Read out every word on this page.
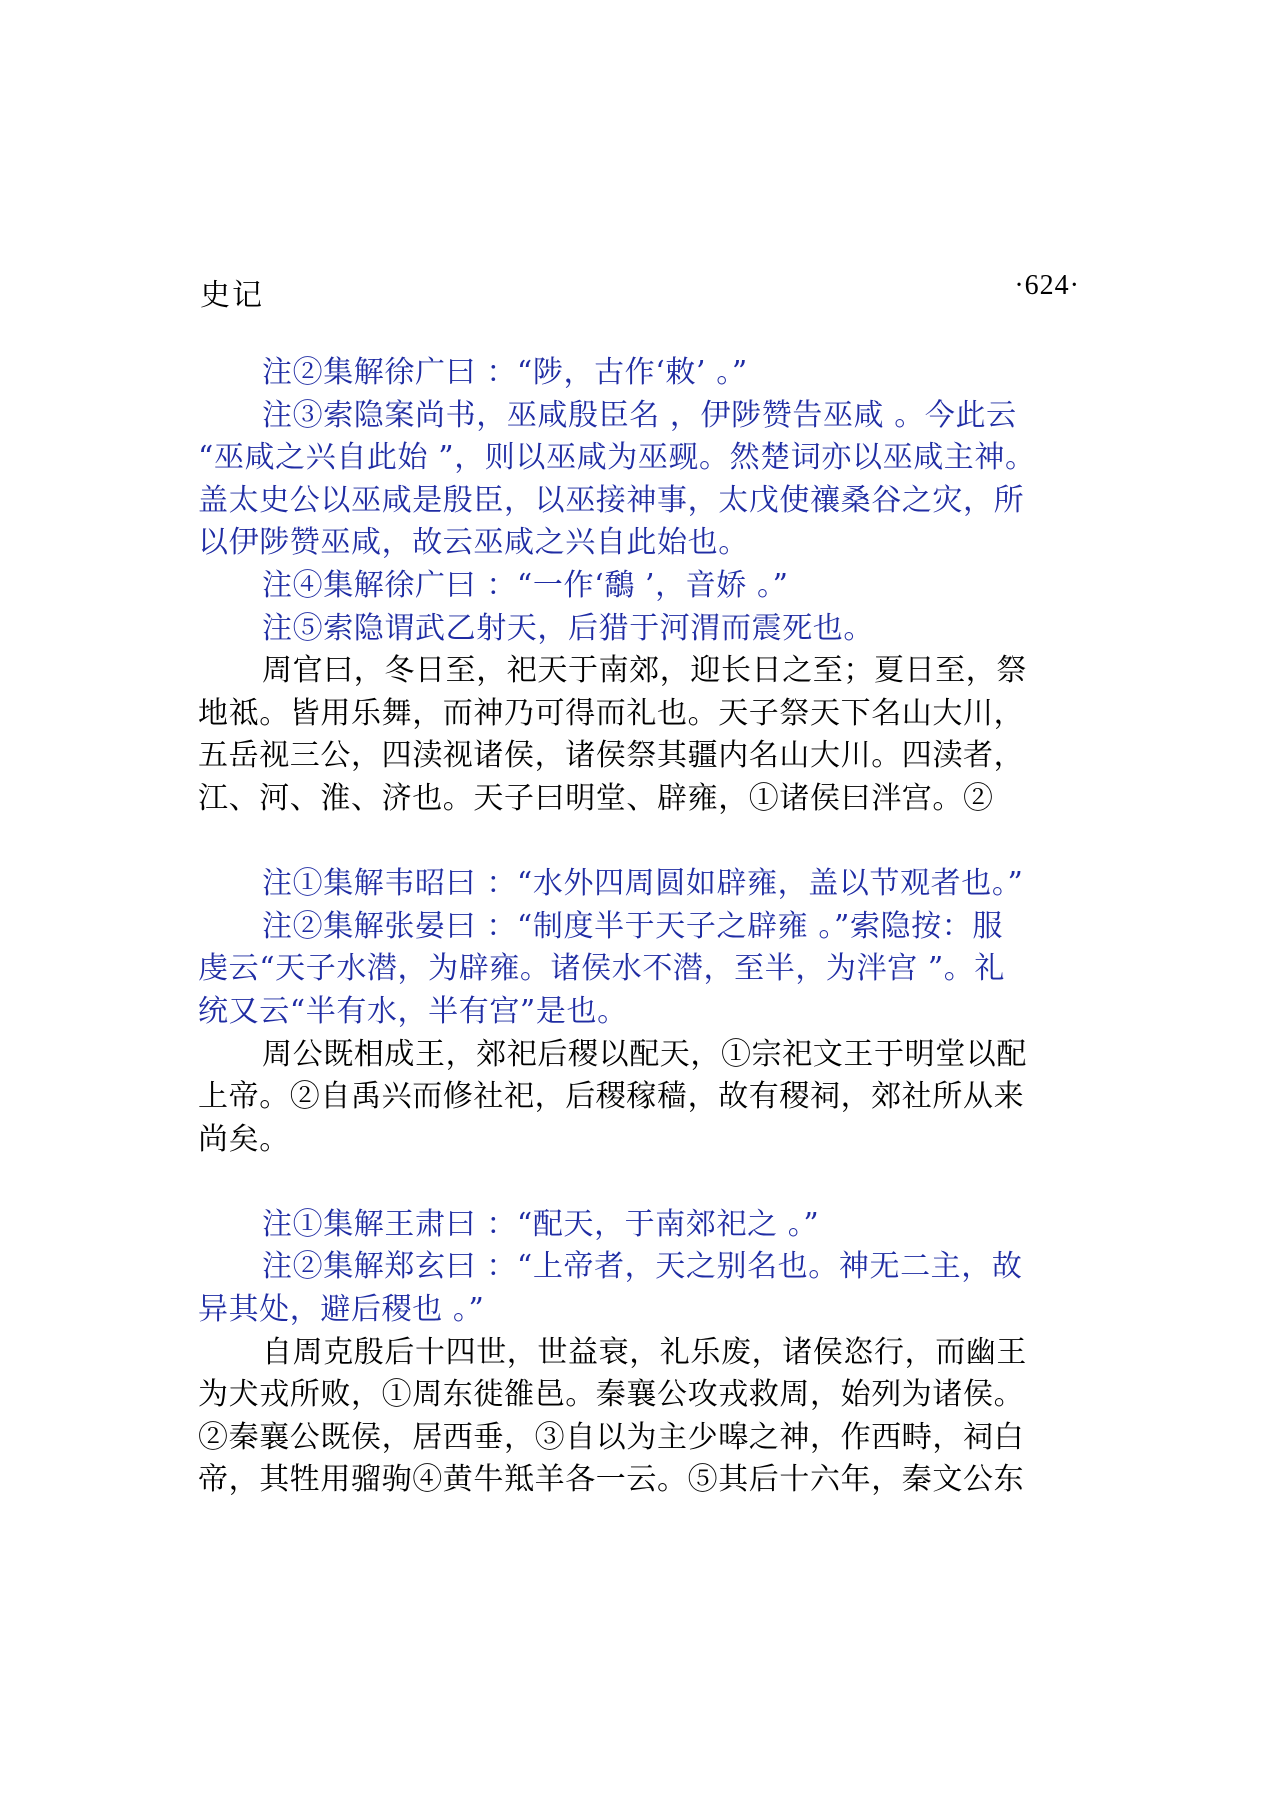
史记	·624·
注②集解徐广曰 ：“陟，古作‘敕’ 。”
注③索隐案尚书，巫咸殷臣名 ，伊陟赞告巫咸 。今此云
“巫咸之兴自此始 ”，则以巫咸为巫觋。然楚词亦以巫咸主神。
盖太史公以巫咸是殷臣，以巫接神事，太戊使禳桑谷之灾，所
以伊陟赞巫咸，故云巫咸之兴自此始也。
注④集解徐广曰 ：“一作‘鷮 ’，音娇 。”
注⑤索隐谓武乙射天，后猎于河渭而震死也。
周官曰，冬日至，祀天于南郊，迎长日之至；夏日至，祭
地祗。皆用乐舞，而神乃可得而礼也。天子祭天下名山大川，
五岳视三公，四渎视诸侯，诸侯祭其疆内名山大川。四渎者，
江、河、淮、济也。天子曰明堂、辟雍，①诸侯曰泮宫。②
注①集解韦昭曰 ：“水外四周圆如辟雍，盖以节观者也。”
注②集解张晏曰 ：“制度半于天子之辟雍 。”索隐按：服
虔云“天子水潜，为辟雍。诸侯水不潜，至半，为泮宫 ”。礼
统又云“半有水，半有宫”是也。
周公既相成王，郊祀后稷以配天，①宗祀文王于明堂以配
上帝。②自禹兴而修社祀，后稷稼穑，故有稷祠，郊社所从来
尚矣。
注①集解王肃曰 ：“配天，于南郊祀之 。”
注②集解郑玄曰 ：“上帝者，天之别名也。神无二主，故
异其处，避后稷也 。”
自周克殷后十四世，世益衰，礼乐废，诸侯恣行，而幽王
为犬戎所败，①周东徙雒邑。秦襄公攻戎救周，始列为诸侯。
②秦襄公既侯，居西垂，③自以为主少暤之神，作西畤，祠白
帝，其牲用骝驹④黄牛羝羊各一云。⑤其后十六年，秦文公东
